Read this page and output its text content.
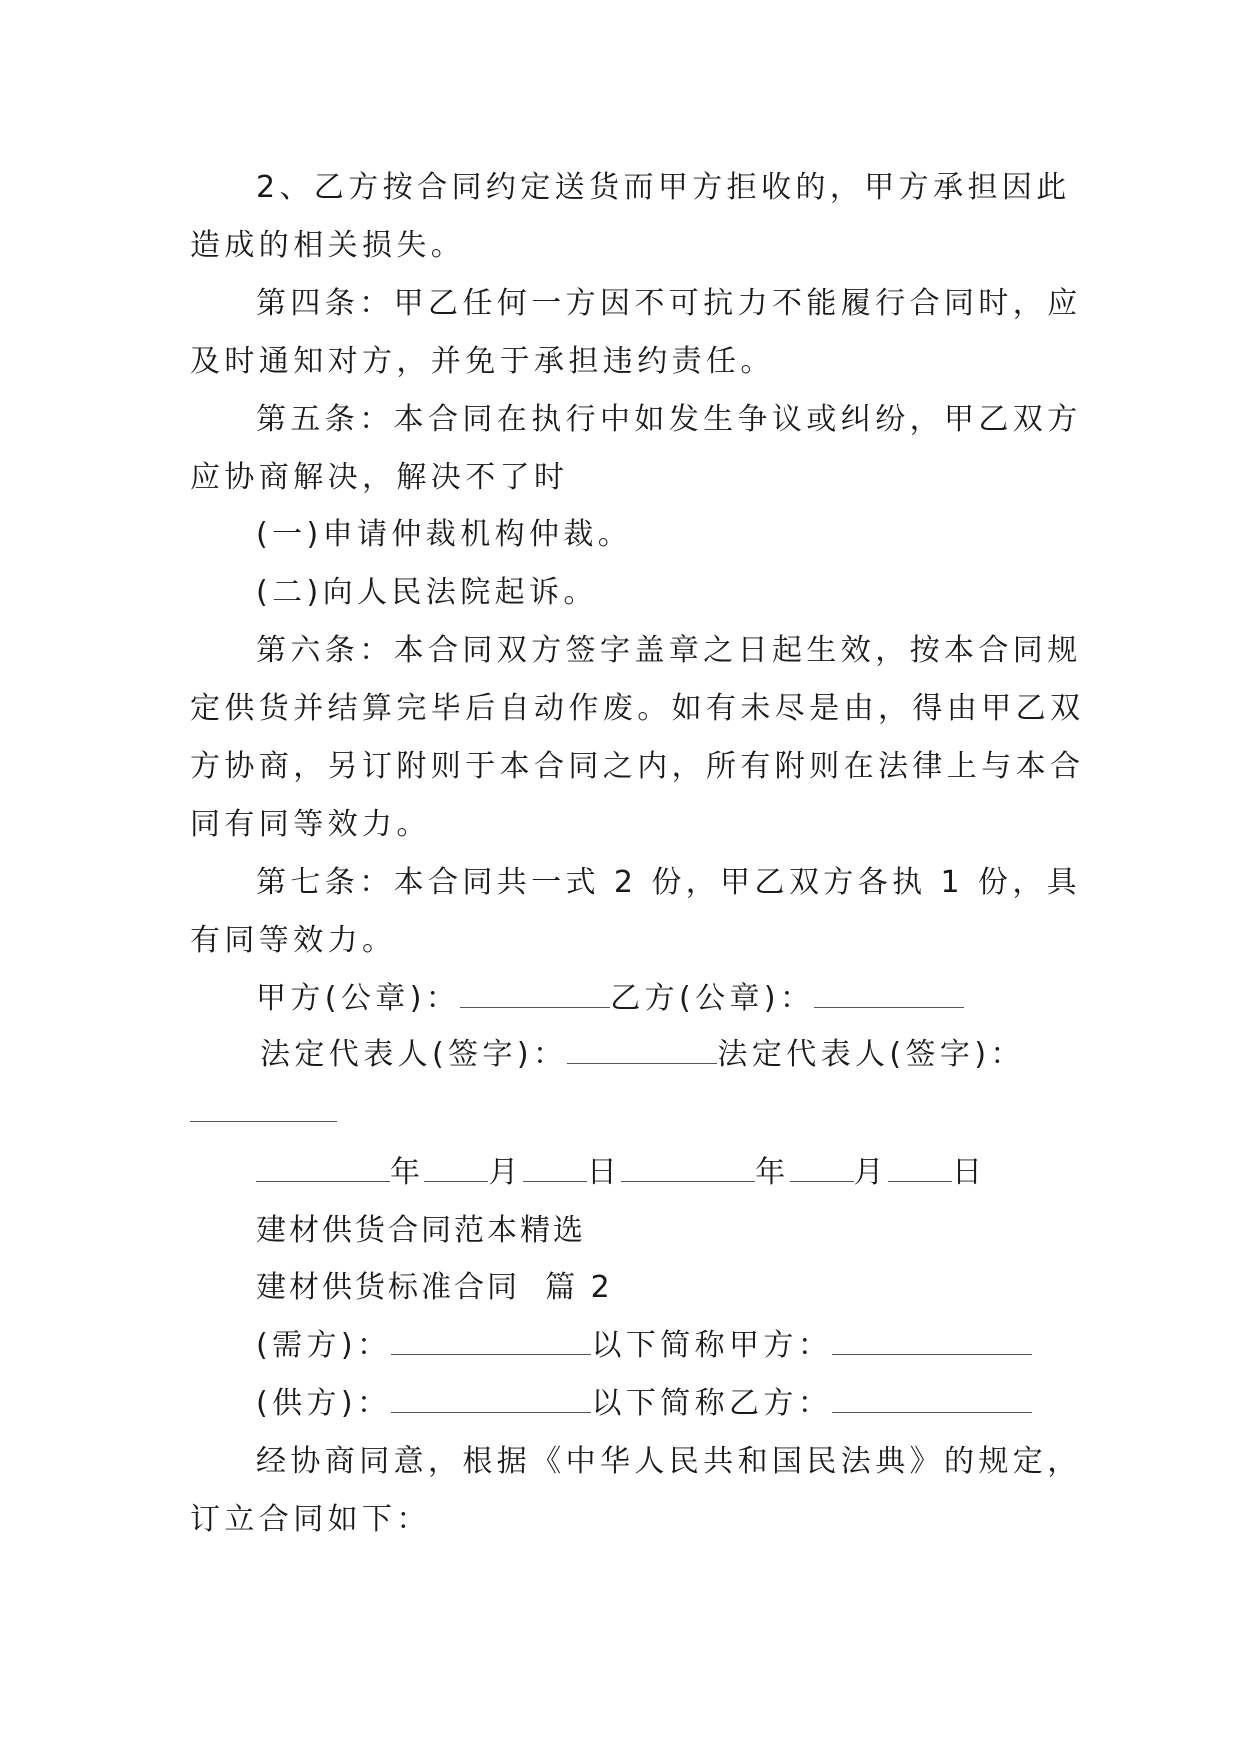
2、乙方按合同约定送货而甲方拒收的，甲方承担因此
造成的相关损失。
第四条：甲乙任何一方因不可抗力不能履行合同时，应
及时通知对方，并免于承担违约责任。
第五条：本合同在执行中如发生争议或纠纷，甲乙双方
应协商解决，解决不了时
(一)申请仲裁机构仲裁。
(二)向人民法院起诉。
第六条：本合同双方签字盖章之日起生效，按本合同规
定供货并结算完毕后自动作废。如有未尽是由，得由甲乙双
方协商，另订附则于本合同之内，所有附则在法律上与本合
同有同等效力。
第七条：本合同共一式 2 份，甲乙双方各执 1 份，具
有同等效力。
甲方(公章)：	乙方(公章)：
法定代表人(签字)：	法定代表人(签字)：
年 月 日	年 月 日
建材供货合同范本精选
建材供货标准合同  篇 2
(需方)：	以下简称甲方：
(供方)：	以下简称乙方：
经协商同意，根据《中华人民共和国民法典》的规定，
订立合同如下：
